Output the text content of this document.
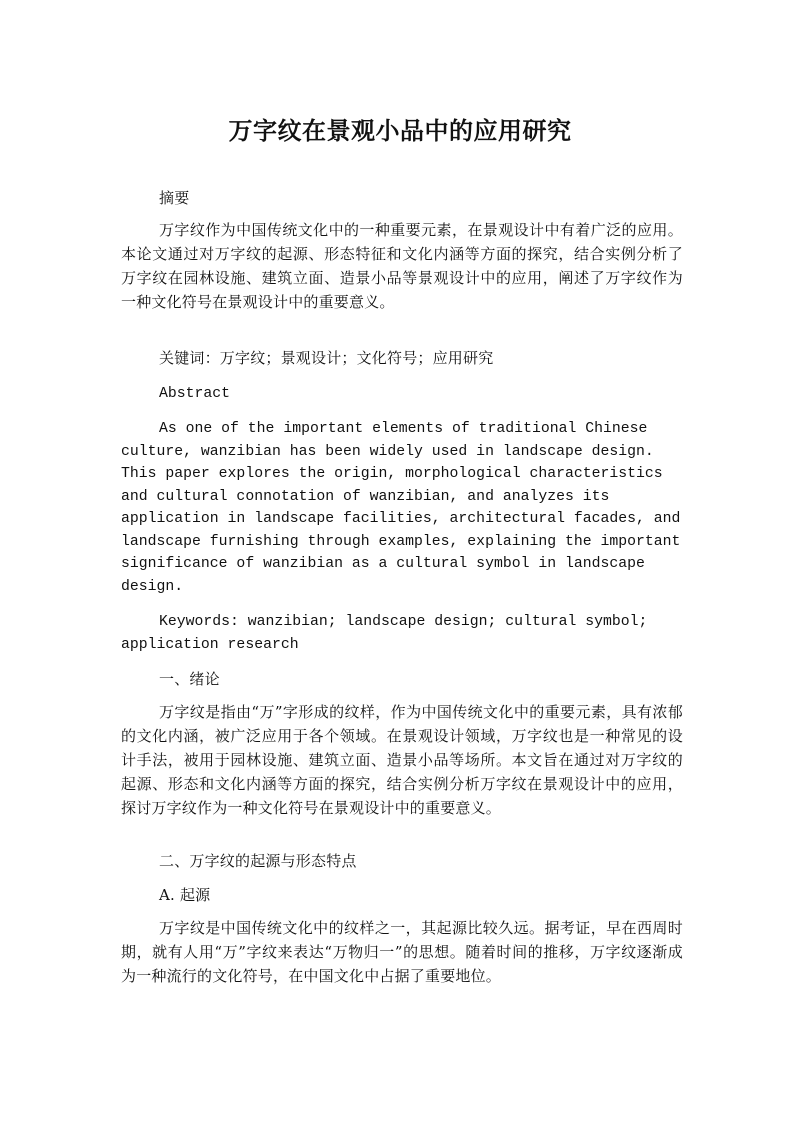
万字纹在景观小品中的应用研究

摘要

万字纹作为中国传统文化中的一种重要元素，在景观设计中有着广泛的应用。本论文通过对万字纹的起源、形态特征和文化内涵等方面的探究，结合实例分析了万字纹在园林设施、建筑立面、造景小品等景观设计中的应用，阐述了万字纹作为一种文化符号在景观设计中的重要意义。

关键词：万字纹；景观设计；文化符号；应用研究

Abstract

As one of the important elements of traditional Chinese culture, wanzibian has been widely used in landscape design. This paper explores the origin, morphological characteristics and cultural connotation of wanzibian, and analyzes its application in landscape facilities, architectural facades, and landscape furnishing through examples, explaining the important significance of wanzibian as a cultural symbol in landscape design.

Keywords: wanzibian; landscape design; cultural symbol; application research

一、绪论

万字纹是指由“万”字形成的纹样，作为中国传统文化中的重要元素，具有浓郁的文化内涵，被广泛应用于各个领域。在景观设计领域，万字纹也是一种常见的设计手法，被用于园林设施、建筑立面、造景小品等场所。本文旨在通过对万字纹的起源、形态和文化内涵等方面的探究，结合实例分析万字纹在景观设计中的应用，探讨万字纹作为一种文化符号在景观设计中的重要意义。

二、万字纹的起源与形态特点

A. 起源

万字纹是中国传统文化中的纹样之一，其起源比较久远。据考证，早在西周时期，就有人用“万”字纹来表达“万物归一”的思想。随着时间的推移，万字纹逐渐成为一种流行的文化符号，在中国文化中占据了重要地位。
